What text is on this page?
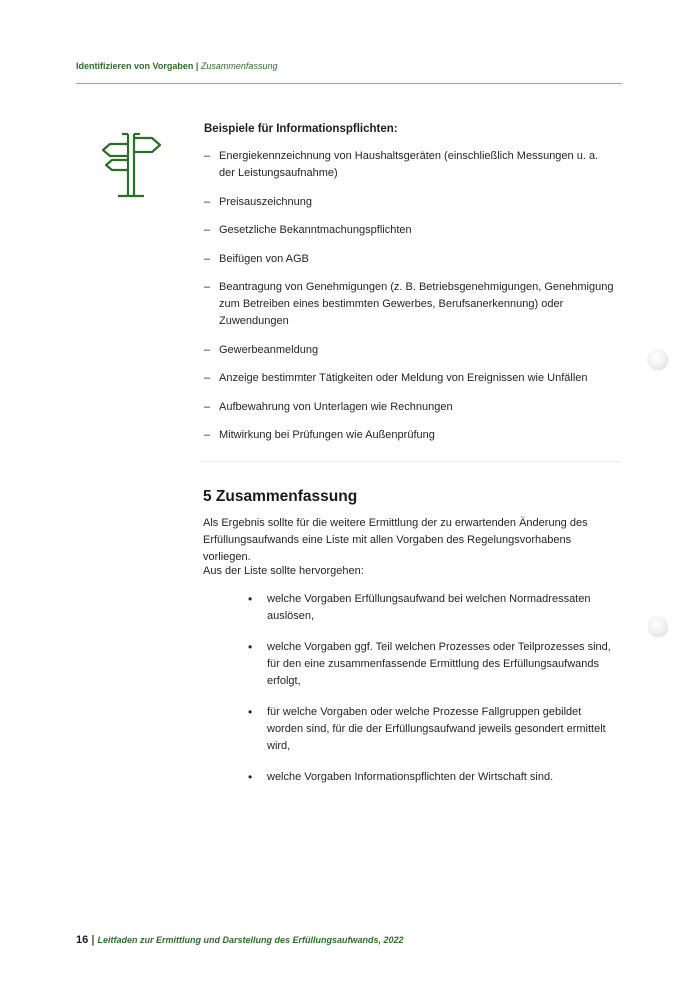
Identifizieren von Vorgaben | Zusammenfassung
Beispiele für Informationspflichten:
– Energiekennzeichnung von Haushaltsgeräten (einschließlich Messungen u. a. der Leistungsaufnahme)
– Preisauszeichnung
– Gesetzliche Bekanntmachungspflichten
– Beifügen von AGB
– Beantragung von Genehmigungen (z. B. Betriebsgenehmigungen, Genehmigung zum Betreiben eines bestimmten Gewerbes, Berufsanerkennung) oder Zuwendungen
– Gewerbeanmeldung
– Anzeige bestimmter Tätigkeiten oder Meldung von Ereignissen wie Unfällen
– Aufbewahrung von Unterlagen wie Rechnungen
– Mitwirkung bei Prüfungen wie Außenprüfung
5 Zusammenfassung

Als Ergebnis sollte für die weitere Ermittlung der zu erwartenden Änderung des Erfüllungsaufwands eine Liste mit allen Vorgaben des Regelungsvorhabens vorliegen.

Aus der Liste sollte hervorgehen:

• welche Vorgaben Erfüllungsaufwand bei welchen Normadressaten auslösen,
• welche Vorgaben ggf. Teil welchen Prozesses oder Teilprozesses sind, für den eine zusammenfassende Ermittlung des Erfüllungsaufwands erfolgt,
• für welche Vorgaben oder welche Prozesse Fallgruppen gebildet worden sind, für die der Erfüllungsaufwand jeweils gesondert ermittelt wird,
• welche Vorgaben Informationspflichten der Wirtschaft sind.
16 | Leitfaden zur Ermittlung und Darstellung des Erfüllungsaufwands, 2022
